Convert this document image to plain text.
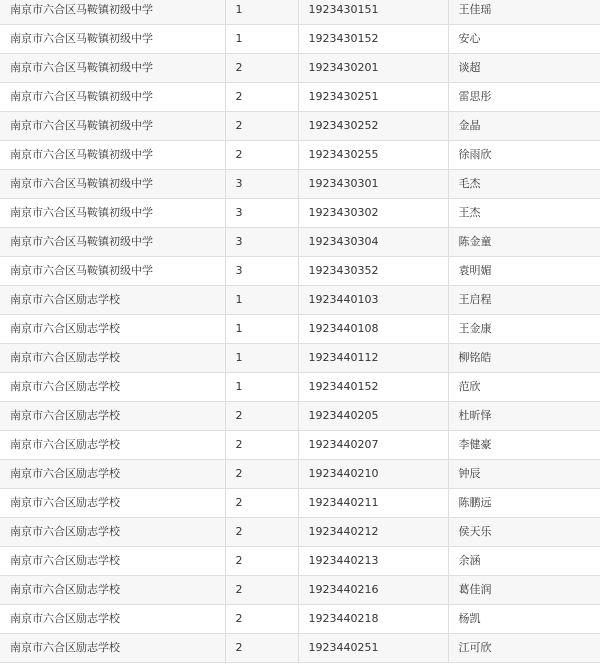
南京市六合区马鞍镇初级中学	1	1923430151	王佳瑶
南京市六合区马鞍镇初级中学	1	1923430152	安心
南京市六合区马鞍镇初级中学	2	1923430201	谈超
南京市六合区马鞍镇初级中学	2	1923430251	雷思彤
南京市六合区马鞍镇初级中学	2	1923430252	金晶
南京市六合区马鞍镇初级中学	2	1923430255	徐雨欣
南京市六合区马鞍镇初级中学	3	1923430301	毛杰
南京市六合区马鞍镇初级中学	3	1923430302	王杰
南京市六合区马鞍镇初级中学	3	1923430304	陈金童
南京市六合区马鞍镇初级中学	3	1923430352	袁明媚
南京市六合区励志学校	1	1923440103	王启程
南京市六合区励志学校	1	1923440108	王金康
南京市六合区励志学校	1	1923440112	柳铭皓
南京市六合区励志学校	1	1923440152	范欣
南京市六合区励志学校	2	1923440205	杜昕怿
南京市六合区励志学校	2	1923440207	李健豪
南京市六合区励志学校	2	1923440210	钟辰
南京市六合区励志学校	2	1923440211	陈鹏远
南京市六合区励志学校	2	1923440212	侯天乐
南京市六合区励志学校	2	1923440213	余涵
南京市六合区励志学校	2	1923440216	葛佳润
南京市六合区励志学校	2	1923440218	杨凯
南京市六合区励志学校	2	1923440251	江可欣
